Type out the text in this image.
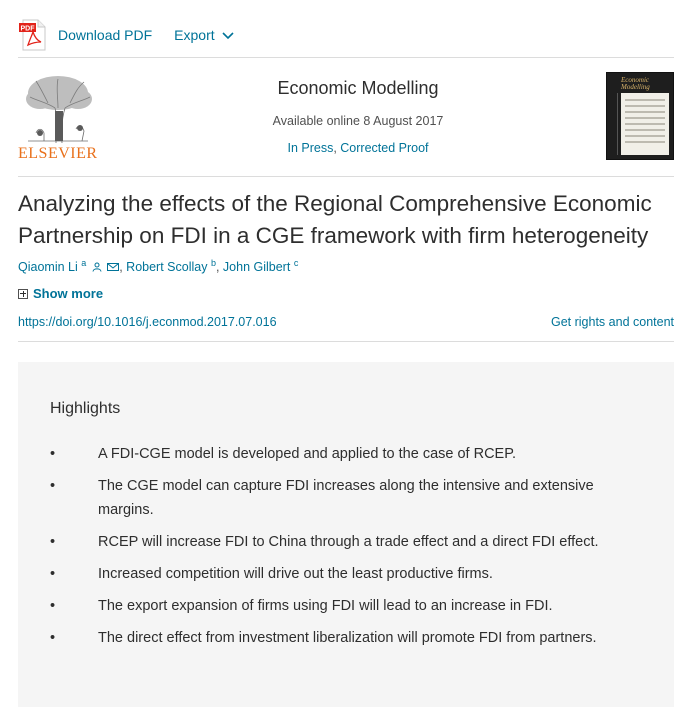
PDF Download PDF Export
ELSEVIER
Economic Modelling
Available online 8 August 2017
In Press, Corrected Proof
Economic
Modelling
Analyzing the effects of the Regional Comprehensive Economic Partnership on FDI in a CGE framework with firm heterogeneity
Qiaomin Li $^a$	, Robert Scollay $^b$, John Gilbert $^c$
Show more
https://doi.org/10.1016/j.econmod.2017.07.016	Get rights and content
Highlights
•	A FDI-CGE model is developed and applied to the case of RCEP.
•	The CGE model can capture FDI increases along the intensive and extensive margins.
•	RCEP will increase FDI to China through a trade effect and a direct FDI effect.
•	Increased competition will drive out the least productive firms.
•	The export expansion of firms using FDI will lead to an increase in FDI.
•	The direct effect from investment liberalization will promote FDI from partners.
